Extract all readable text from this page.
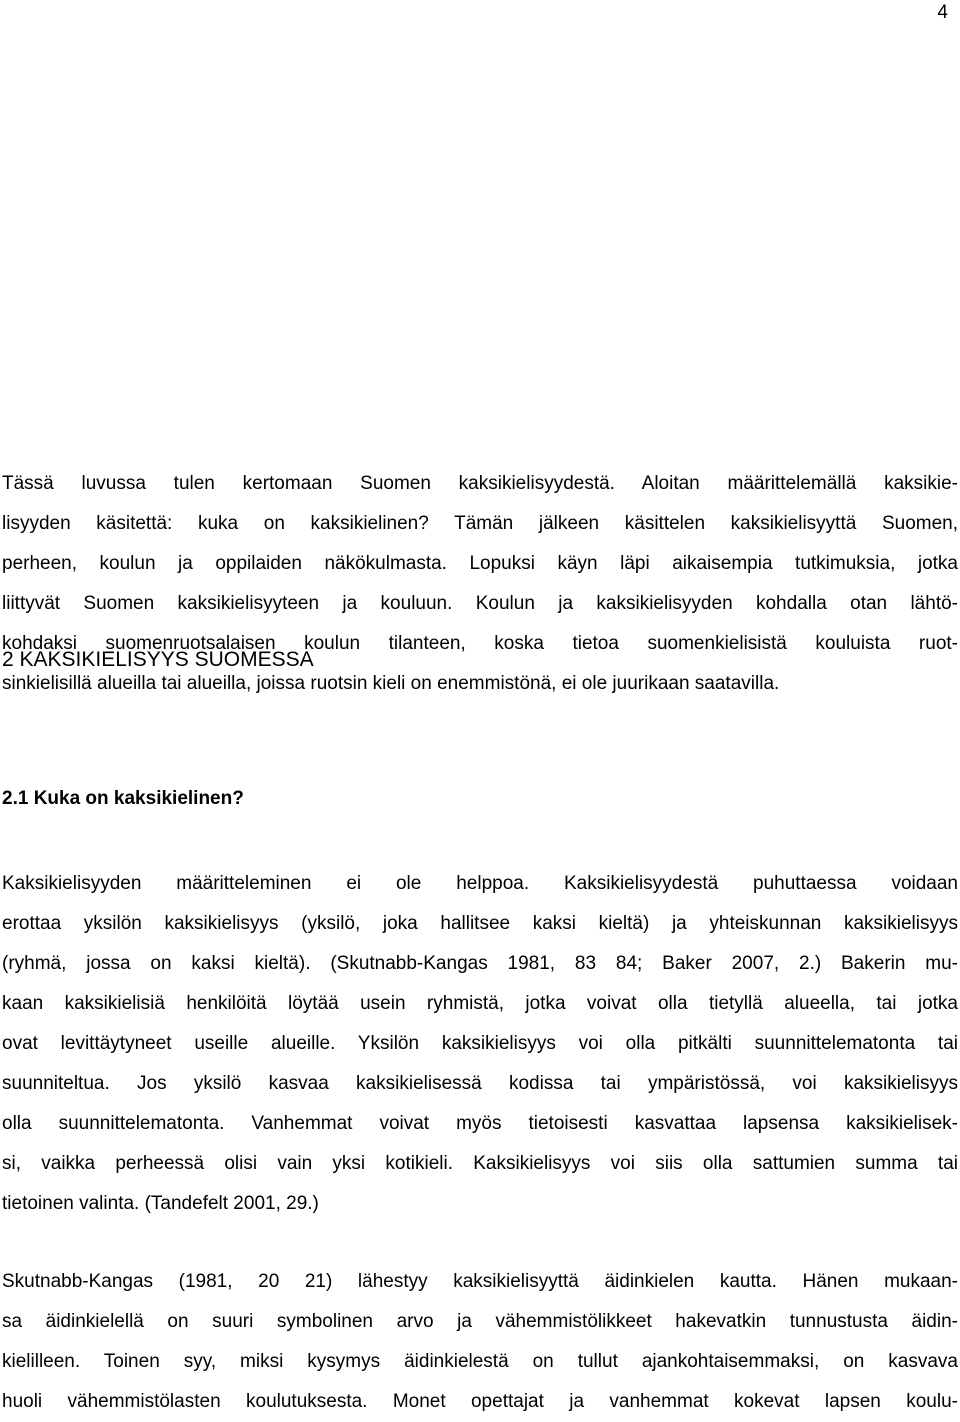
4

2 KAKSIKIELISYYS SUOMESSA
Tässä luvussa tulen kertomaan Suomen kaksikielisyydestä. Aloitan määrittelemällä kaksikie-
lisyyden käsitettä: kuka on kaksikielinen? Tämän jälkeen käsittelen kaksikielisyyttä Suomen,
perheen, koulun ja oppilaiden näkökulmasta. Lopuksi käyn läpi aikaisempia tutkimuksia, jotka
liittyvät Suomen kaksikielisyyteen ja kouluun. Koulun ja kaksikielisyyden kohdalla otan lähtö-
kohdaksi suomenruotsalaisen koulun tilanteen, koska tietoa suomenkielisistä kouluista ruot-
sinkielisillä alueilla tai alueilla, joissa ruotsin kieli on enemmistönä, ei ole juurikaan saatavilla.
2.1 Kuka on kaksikielinen?
Kaksikielisyyden määritteleminen ei ole helppoa. Kaksikielisyydestä puhuttaessa voidaan
erottaa yksilön kaksikielisyys (yksilö, joka hallitsee kaksi kieltä) ja yhteiskunnan kaksikielisyys
(ryhmä, jossa on kaksi kieltä). (Skutnabb-Kangas 1981, 83 84; Baker 2007, 2.) Bakerin mu-
kaan kaksikielisiä henkilöitä löytää usein ryhmistä, jotka voivat olla tietyllä alueella, tai jotka
ovat levittäytyneet useille alueille. Yksilön kaksikielisyys voi olla pitkälti suunnittelematonta tai
suunniteltua. Jos yksilö kasvaa kaksikielisessä kodissa tai ympäristössä, voi kaksikielisyys
olla suunnittelematonta. Vanhemmat voivat myös tietoisesti kasvattaa lapsensa kaksikielisek-
si, vaikka perheessä olisi vain yksi kotikieli. Kaksikielisyys voi siis olla sattumien summa tai
tietoinen valinta. (Tandefelt 2001, 29.)
Skutnabb-Kangas (1981, 20 21) lähestyy kaksikielisyyttä äidinkielen kautta. Hänen mukaan-
sa äidinkielellä on suuri symbolinen arvo ja vähemmistölikkeet hakevatkin tunnustusta äidin-
kielilleen. Toinen syy, miksi kysymys äidinkielestä on tullut ajankohtaisemmaksi, on kasvava
huoli vähemmistölasten koulutuksesta. Monet opettajat ja vanhemmat kokevat lapsen koulu-
